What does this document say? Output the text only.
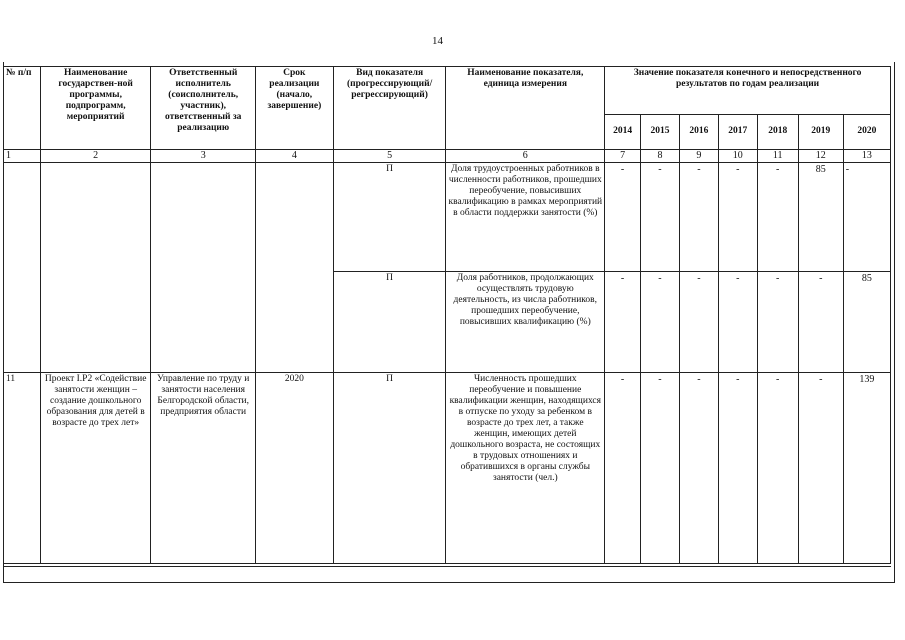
14
№ п/п	Наименование государствен-ной программы, подпрограмм, мероприятий	Ответственный исполнитель (соисполнитель, участник), ответственный за реализацию	Срок реализации (начало, завершение)	Вид показателя (прогрессирующий/ регрессирующий)	Наименование показателя, единица измерения	Значение показателя конечного и непосредственного результатов по годам реализации						
						2014	2015	2016	2017	2018	2019	2020
1	2	3	4	5	6	7	8	9	10	11	12	13
				П	Доля трудоустроенных работников в численности работников, прошедших переобучение, повысивших квалификацию в рамках мероприятий в области поддержки занятости (%)	-	-	-	-	-	85	-
				П	Доля работников, продолжающих осуществлять трудовую деятельность, из числа работников, прошедших переобучение, повысивших квалификацию (%)	-	-	-	-	-	-	85
11	Проект I.P2 «Содействие занятости женщин – создание дошкольного образования для детей в возрасте до трех лет»	Управление по труду и занятости населения Белгородской области, предприятия области	2020	П	Численность прошедших переобучение и повышение квалификации женщин, находящихся в отпуске по уходу за ребенком в возрасте до трех лет, а также женщин, имеющих детей дошкольного возраста, не состоящих в трудовых отношениях и обратившихся в органы службы занятости (чел.)	-	-	-	-	-	-	139
